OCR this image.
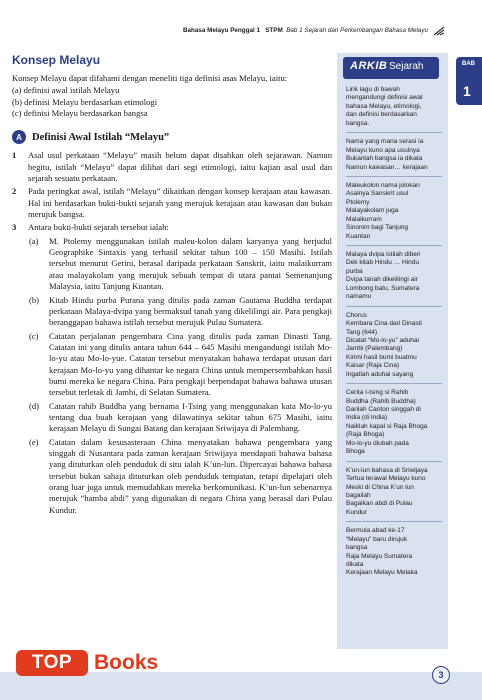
Bahasa Melayu Penggal 1 STPM Bab 1 Sejarah dan Perkembangan Bahasa Melayu
BAB
1
Konsep Melayu

Konsep Melayu dapat difahami dengan meneliti tiga definisi asas Melayu, iaitu:

(a) definisi awal istilah Melayu
(b) definisi Melayu berdasarkan etimologi
(c) definisi Melayu berdasarkan bangsa
A Definisi Awal Istilah “Melayu”
1	Asal usul perkataan “Melayu” masih belum dapat disahkan oleh sejarawan. Namun begitu, istilah “Melayu” dapat dilihat dari segi etimologi, iaitu kajian asal usul dan sejarah sesuatu perkataan.
2	Pada peringkat awal, istilah “Melayu” dikaitkan dengan konsep kerajaan atau kawasan. Hal ini berdasarkan bukti-bukti sejarah yang merujuk kerajaan atau kawasan dan bukan merujuk bangsa.
3	Antara bukti-bukti sejarah tersebut ialah:
(a)	M. Ptolemy menggunakan istilah maleu-kolon dalam karyanya yang berjudul Geographike Sintaxis yang terhasil sekitar tahun 100 – 150 Masihi. Istilah tersebut menurut Gerini, berasal daripada perkataan Sanskrit, iaitu malaikurram atau malayakolam yang merujuk sebuah tempat di utara pantai Semenanjung Malaysia, iaitu Tanjung Kuantan.
(b)	Kitab Hindu purba Purana yang ditulis pada zaman Gautama Buddha terdapat perkataan Malaya-dvipa yang bermaksud tanah yang dikelilingi air. Para pengkaji beranggapan bahawa istilah tersebut merujuk Pulau Sumatera.
(c)	Catatan perjalanan pengembara Cina yang ditulis pada zaman Dinasti Tang. Catatan ini yang ditulis antara tahun 644 – 645 Masihi mengandungi istilah Mo-lo-yu atau Mo-lo-yue. Catatan tersebut menyatakan bahawa terdapat utusan dari kerajaan Mo-lo-yu yang dihantar ke negara China untuk mempersembahkan hasil bumi mereka ke negara China. Para pengkaji berpendapat bahawa bahawa utusan tersebut terletak di Jambi, di Selatan Sumatera.
(d)	Catatan rahib Buddha yang bernama I-Tsing yang menggunakan kata Mo-lo-yu tentang dua buah kerajaan yang dilawatinya sekitar tahun 675 Masihi, iaitu kerajaan Melayu di Sungai Batang dan kerajaan Sriwijaya di Palembang.
(e)	Catatan dalam kesusasteraan China menyatakan bahawa pengembara yang singgah di Nusantara pada zaman kerajaan Sriwijaya mendapati bahawa bahasa yang dituturkan oleh penduduk di situ ialah K’un-lun. Dipercayai bahawa bahasa tersebut bukan sahaja dituturkan oleh penduduk tempatan, tetapi dipelajari oleh orang luar juga untuk memudahkan mereka berkomunikasi. K’un-lun sebenarnya merujuk “hamba abdi” yang digunakan di negara China yang berasal dari Pulau Kundur.
ARKIB Sejarah
Lirik lagu di bawah
mengandungi definisi awal
bahasa Melayu, etimologi,
dan definisi berdasarkan
bangsa.
Nama yang mana serasi ia
Melayu kuno apa usulnya
Bukanlah bangsa ia dikata
Namun kawasan… kerajaan
Maleukolon nama jolokan
Asalnya Sanskrit usul
Ptolemy
Malayakolam juga
Malaikurram
Sinonim bagi Tanjung
Kuantan
Malaya dvipa istilah diberi
Dek kitab Hindu … Hindu
purba
Dvipa tanah dikelilingi air
Lombong batu, Sumatera
namamu
Chorus
Kembara Cina dari Dinasti
Tang (644)
Dicatat “Mo-lo-yu” aduhai
Jambi (Palembang)
Kirimi hasil bumi buatmu
Kaisar (Raja Cina)
Ingatlah aduhai sayang
Cerita I-tsing si Rahib
Buddha (Rahib Buddha)
Darilah Canton singgah di
India (di India)
Naiklah kapal si Raja Bhoga
(Raja Bhoga)
Mo-lo-yu diubah pada
Bhoga
K’un-lun bahasa di Sriwijaya
Tertua terawal Melayu kuno
Meski di China K’un lun
bagailah
Bagaikan abdi di Pulau
Kundur
Bermula abad ke-17
“Melayu” baru dirujuk
bangsa
Raja Melayu Sumatera
dikata
Kerajaan Melayu Melaka
3
TOP	Books
